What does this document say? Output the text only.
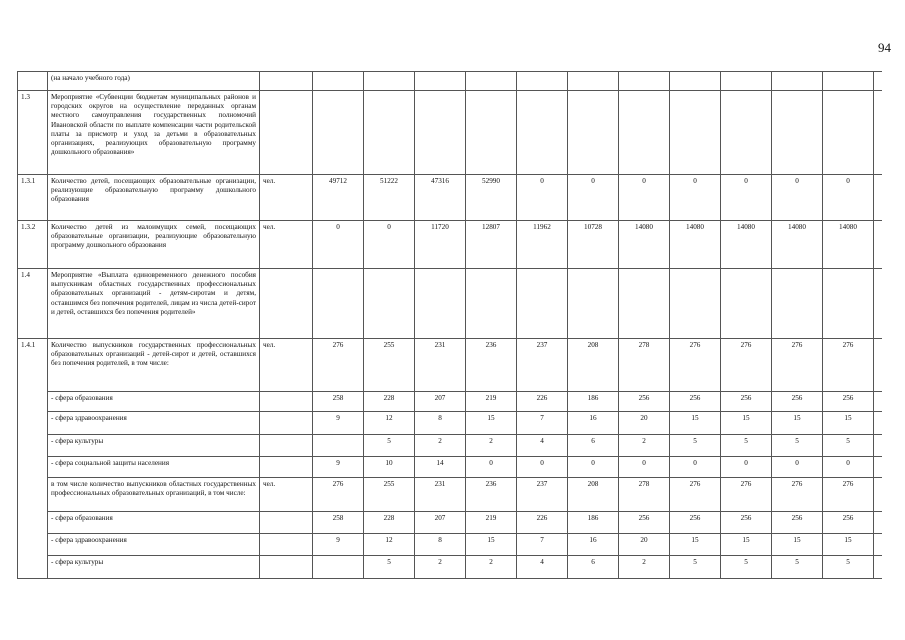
94
	(на начало учебного года)													
1.3	Мероприятие «Субвенции бюджетам муниципальных районов и городских округов на осуществление переданных органам местного самоуправления государственных полномочий Ивановской области по выплате компенсации части родительской платы за присмотр и уход за детьми в образовательных организациях, реализующих образовательную программу дошкольного образования»													
1.3.1	Количество детей, посещающих образовательные организации, реализующие образовательную программу дошкольного образования	чел.	49712	51222	47316	52990	0	0	0	0	0	0	0	
1.3.2	Количество детей из малоимущих семей, посещающих образовательные организации, реализующие образовательную программу дошкольного образования	чел.	0	0	11720	12807	11962	10728	14080	14080	14080	14080	14080	
1.4	Мероприятие «Выплата единовременного денежного пособия выпускникам областных государственных профессиональных образовательных организаций - детям-сиротам и детям, оставшимся без попечения родителей, лицам из числа детей-сирот и детей, оставшихся без попечения родителей»													
1.4.1	Количество выпускников государственных профессиональных образовательных организаций - детей-сирот и детей, оставшихся без попечения родителей, в том числе:	чел.	276	255	231	236	237	208	278	276	276	276	276	
	- сфера образования		258	228	207	219	226	186	256	256	256	256	256	
	- сфера здравоохранения		9	12	8	15	7	16	20	15	15	15	15	
	- сфера культуры			5	2	2	4	6	2	5	5	5	5	
	- сфера социальной защиты населения		9	10	14	0	0	0	0	0	0	0	0	
	в том числе количество выпускников областных государственных профессиональных образовательных организаций, в том числе:	чел.	276	255	231	236	237	208	278	276	276	276	276	
	- сфера образования		258	228	207	219	226	186	256	256	256	256	256	
	- сфера здравоохранения		9	12	8	15	7	16	20	15	15	15	15	
	- сфера культуры			5	2	2	4	6	2	5	5	5	5	
